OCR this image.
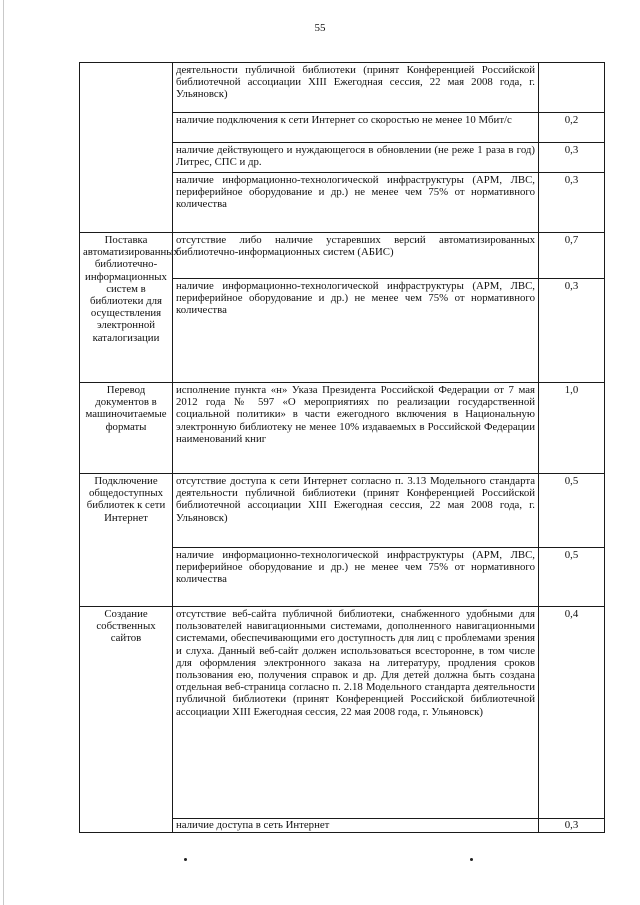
55
	деятельности публичной библиотеки (принят Конференцией Российской библиотечной ассоциации XIII Ежегодная сессия, 22 мая 2008 года, г. Ульяновск)	
	наличие подключения к сети Интернет со скоростью не менее 10 Мбит/с	0,2
	наличие действующего и нуждающегося в обновлении (не реже 1 раза в год) Литрес, СПС и др.	0,3
	наличие информационно-технологической инфраструктуры (АРМ, ЛВС, периферийное оборудование и др.) не менее чем 75% от нормативного количества	0,3
Поставка автоматизированных библиотечно-информационных систем в библиотеки для осуществления электронной каталогизации	отсутствие либо наличие устаревших версий автоматизированных библиотечно-информационных систем (АБИС)	0,7
	наличие информационно-технологической инфраструктуры (АРМ, ЛВС, периферийное оборудование и др.) не менее чем 75% от нормативного количества	0,3
Перевод документов в машиночитаемые форматы	исполнение пункта «н» Указа Президента Российской Федерации от 7 мая 2012 года № 597 «О мероприятиях по реализации государственной социальной политики» в части ежегодного включения в Национальную электронную библиотеку не менее 10% издаваемых в Российской Федерации наименований книг	1,0
Подключение общедоступных библиотек к сети Интернет	отсутствие доступа к сети Интернет согласно п. 3.13 Модельного стандарта деятельности публичной библиотеки (принят Конференцией Российской библиотечной ассоциации XIII Ежегодная сессия, 22 мая 2008 года, г. Ульяновск)	0,5
	наличие информационно-технологической инфраструктуры (АРМ, ЛВС, периферийное оборудование и др.) не менее чем 75% от нормативного количества	0,5
Создание собственных сайтов	отсутствие веб-сайта публичной библиотеки, снабженного удобными для пользователей навигационными системами, дополненного навигационными системами, обеспечивающими его доступность для лиц с проблемами зрения и слуха. Данный веб-сайт должен использоваться всесторонне, в том числе для оформления электронного заказа на литературу, продления сроков пользования ею, получения справок и др. Для детей должна быть создана отдельная веб-страница согласно п. 2.18 Модельного стандарта деятельности публичной библиотеки (принят Конференцией Российской библиотечной ассоциации XIII Ежегодная сессия, 22 мая 2008 года, г. Ульяновск)	0,4
	наличие доступа в сеть Интернет	0,3
